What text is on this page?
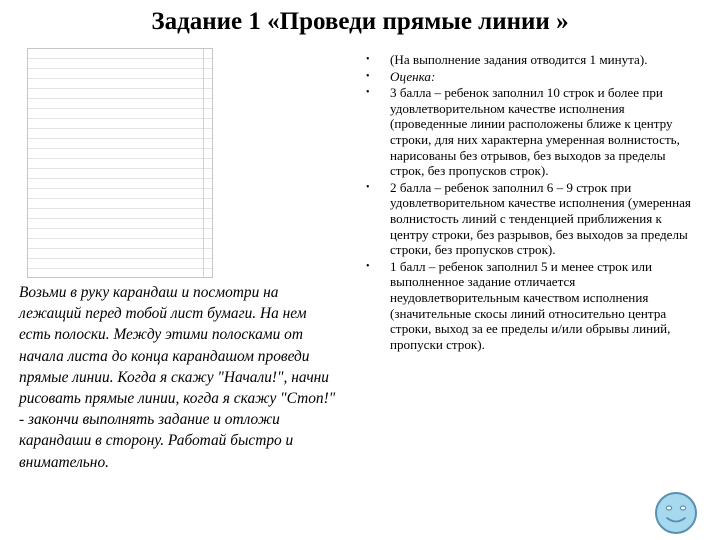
Задание 1 «Проведи прямые линии »
Возьми в руку карандаш и посмотри на лежащий перед тобой лист бумаги. На нем есть полоски. Между этими полосками от начала листа до конца карандашом проведи прямые линии. Когда я скажу "Начали!", начни рисовать прямые линии, когда я скажу "Стоп!" - закончи выполнять задание и отложи карандаши в сторону. Работай быстро и внимательно.
• (На выполнение задания отводится 1 минута).
• Оценка:
• 3 балла – ребенок заполнил 10 строк и более при удовлетворительном качестве исполнения (проведенные линии расположены ближе к центру строки, для них характерна умеренная волнистость, нарисованы без отрывов, без выходов за пределы строк, без пропусков строк).
• 2 балла – ребенок заполнил 6 – 9 строк при удовлетворительном качестве исполнения (умеренная волнистость линий с тенденцией приближения к центру строки, без разрывов, без выходов за пределы строки, без пропусков строк).
• 1 балл – ребенок заполнил 5 и менее строк или выполненное задание отличается неудовлетворительным качеством исполнения (значительные скосы линий относительно центра строки, выход за ее пределы и/или обрывы линий, пропуски строк).
